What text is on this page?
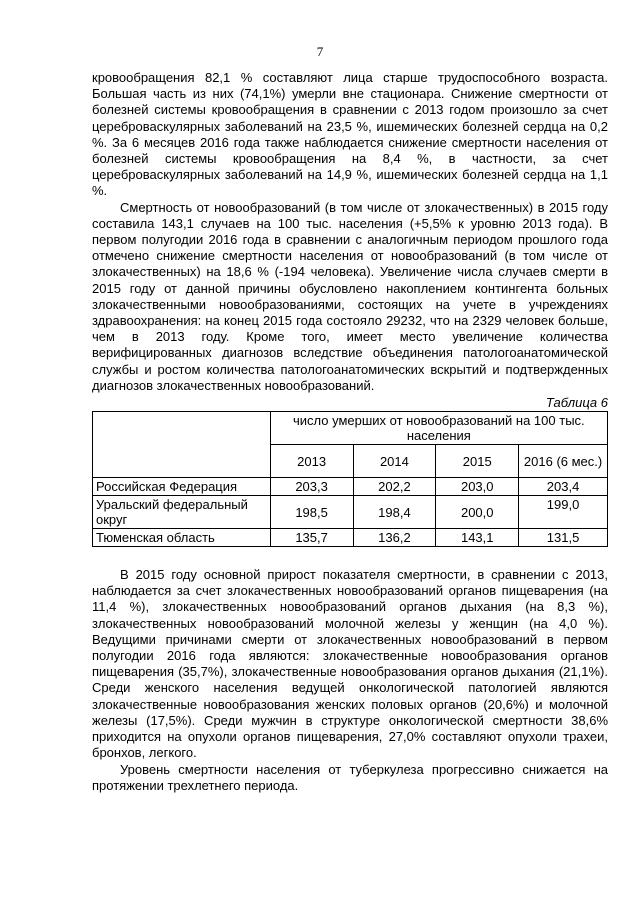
7

кровообращения 82,1 % составляют лица старше трудоспособного возраста. Большая часть из них (74,1%) умерли вне стационара. Снижение смертности от болезней системы кровообращения в сравнении с 2013 годом произошло за счет цереброваскулярных заболеваний на 23,5 %, ишемических болезней сердца на 0,2 %. За 6 месяцев 2016 года также наблюдается снижение смертности населения от болезней системы кровообращения на 8,4 %, в частности, за счет цереброваскулярных заболеваний на 14,9 %, ишемических болезней сердца на 1,1 %.

Смертность от новообразований (в том числе от злокачественных) в 2015 году составила 143,1 случаев на 100 тыс. населения (+5,5% к уровню 2013 года). В первом полугодии 2016 года в сравнении с аналогичным периодом прошлого года отмечено снижение смертности населения от новообразований (в том числе от злокачественных) на 18,6 % (-194 человека). Увеличение числа случаев смерти в 2015 году от данной причины обусловлено накоплением контингента больных злокачественными новообразованиями, состоящих на учете в учреждениях здравоохранения: на конец 2015 года состояло 29232, что на 2329 человек больше, чем в 2013 году. Кроме того, имеет место увеличение количества верифицированных диагнозов вследствие объединения патологоанатомической службы и ростом количества патологоанатомических вскрытий и подтвержденных диагнозов злокачественных новообразований.

Таблица 6
	число умерших от новообразований на 100 тыс. населения			
	2013	2014	2015	2016 (6 мес.)
Российская Федерация	203,3	202,2	203,0	203,4
Уральский федеральный округ	198,5	198,4	200,0	199,0
Тюменская область	135,7	136,2	143,1	131,5

В 2015 году основной прирост показателя смертности, в сравнении с 2013, наблюдается за счет злокачественных новообразований органов пищеварения (на 11,4 %), злокачественных новообразований органов дыхания (на 8,3 %), злокачественных новообразований молочной железы у женщин (на 4,0 %). Ведущими причинами смерти от злокачественных новообразований в первом полугодии 2016 года являются: злокачественные новообразования органов пищеварения (35,7%), злокачественные новообразования органов дыхания (21,1%). Среди женского населения ведущей онкологической патологией являются злокачественные новообразования женских половых органов (20,6%) и молочной железы (17,5%). Среди мужчин в структуре онкологической смертности 38,6% приходится на опухоли органов пищеварения, 27,0% составляют опухоли трахеи, бронхов, легкого.

Уровень смертности населения от туберкулеза прогрессивно снижается на протяжении трехлетнего периода.
